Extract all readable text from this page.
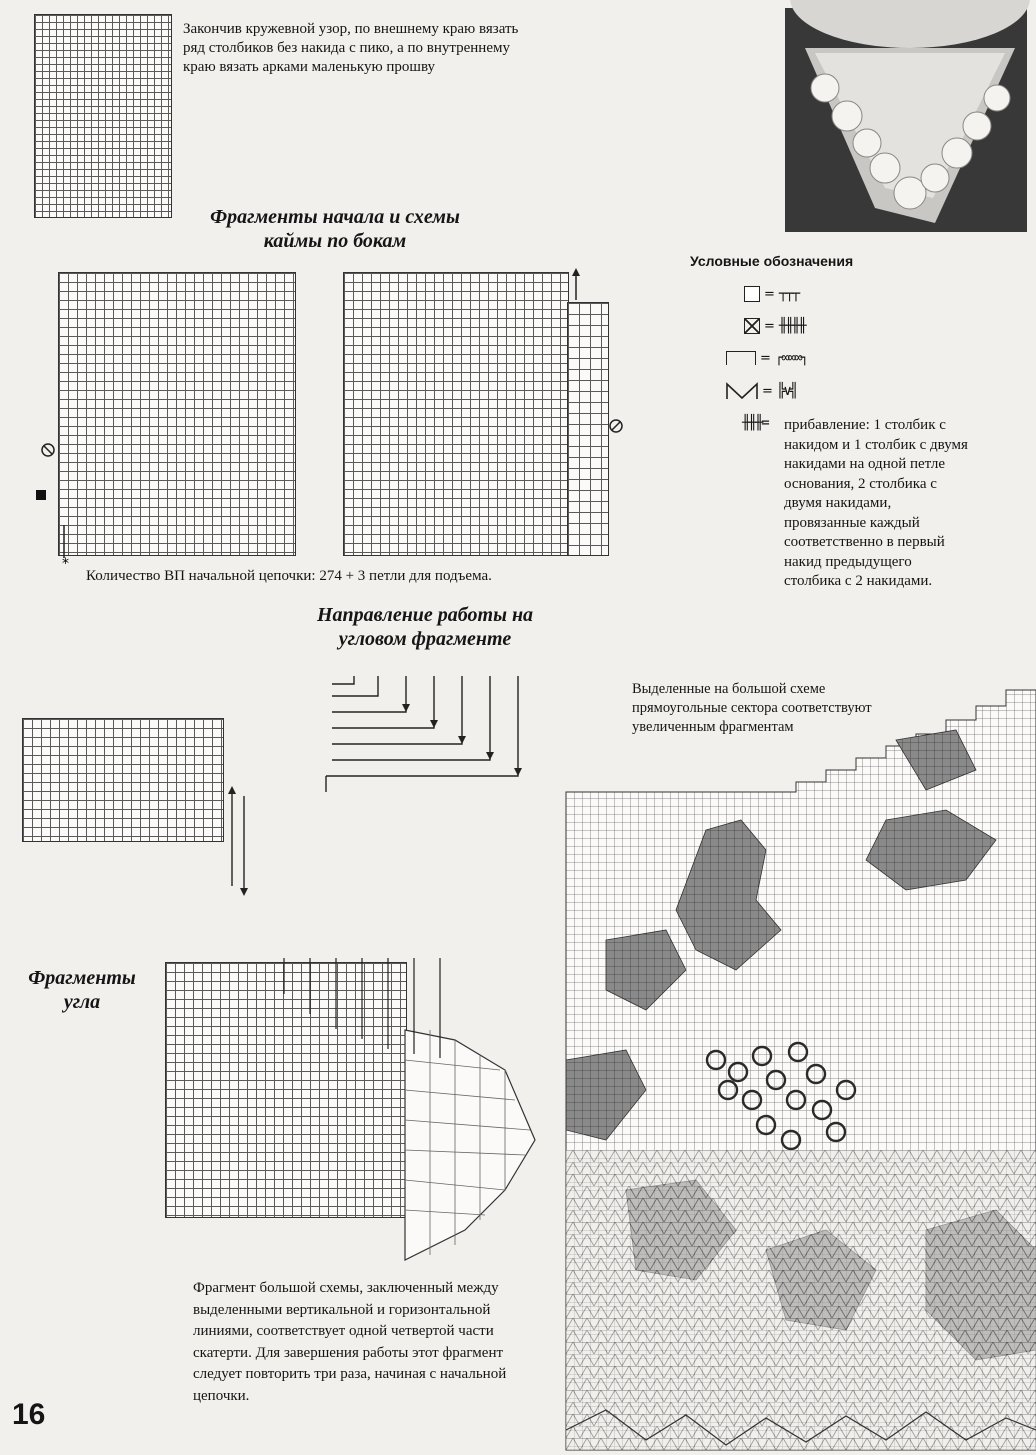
Закончив кружевной узор, по внешнему краю вязать ряд столбиков без накида с пико, а по внутреннему краю вязать арками маленькую прошву
Фрагменты начала и схемы каймы по бокам
Условные обозначения
= ┬┬┬
= ╫╫╫╫
= ┌∞∞∞┐
= ╠∨╣
╫╫╫= прибавление: 1 столбик с накидом и 1 столбик с двумя накидами на одной петле основания, 2 столбика с двумя накидами, провязанные каждый соответственно в первый накид предыдущего столбика с 2 накидами.
*
Количество ВП начальной цепочки: 274 + 3 петли для подъема.
Направление работы на угловом фрагменте
Фрагменты угла
Выделенные на большой схеме прямоугольные сектора соответствуют увеличенным фрагментам
Фрагмент большой схемы, заключенный между выделенными вертикальной и горизонтальной линиями, соответствует одной четвертой части скатерти. Для завершения работы этот фрагмент следует повторить три раза, начиная с начальной цепочки.
16
